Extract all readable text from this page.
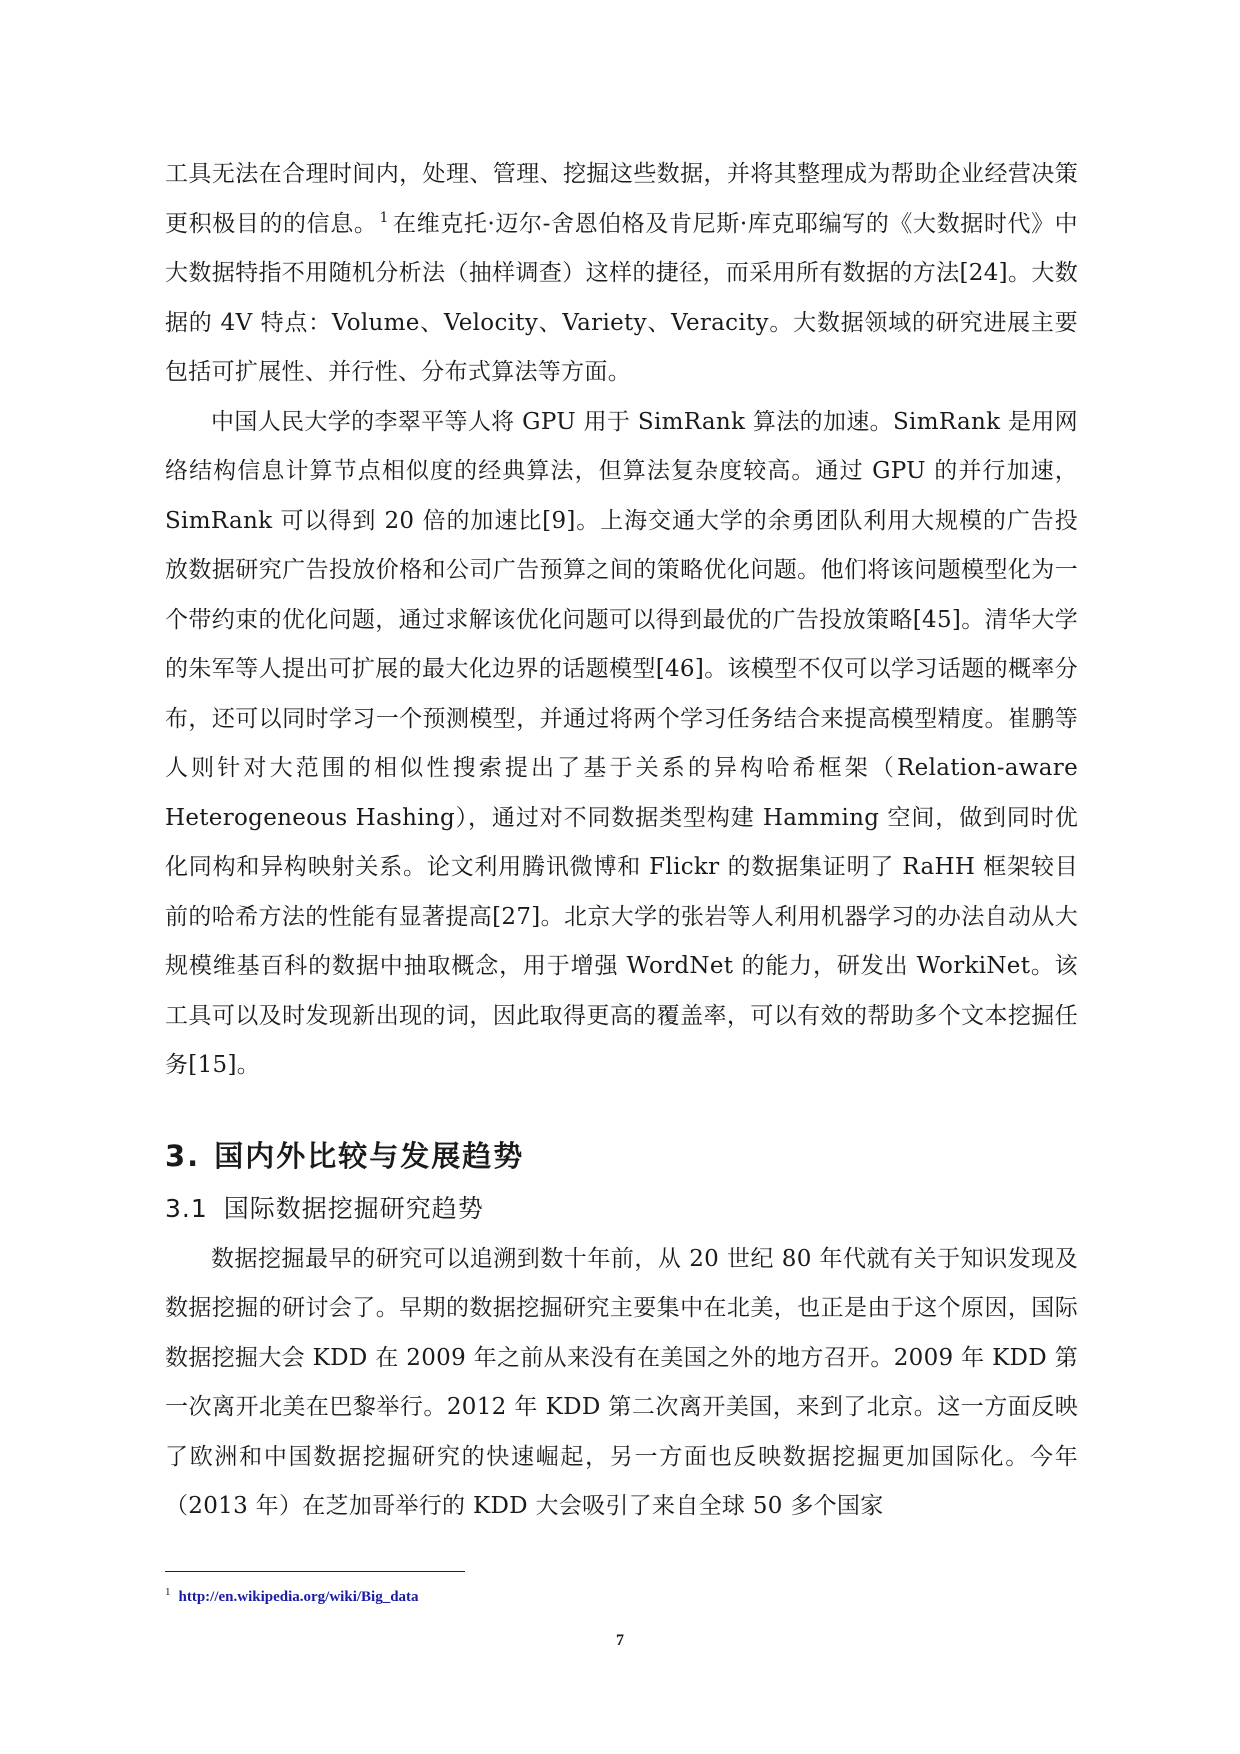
工具无法在合理时间内，处理、管理、挖掘这些数据，并将其整理成为帮助企业经营决策更积极目的的信息。 $^1$ 在维克托·迈尔-舍恩伯格及肯尼斯·库克耶编写的《大数据时代》中大数据特指不用随机分析法（抽样调查）这样的捷径，而采用所有数据的方法[24]。大数据的 4V 特点：Volume、Velocity、Variety、Veracity。大数据领域的研究进展主要包括可扩展性、并行性、分布式算法等方面。

中国人民大学的李翠平等人将 GPU 用于 SimRank 算法的加速。SimRank 是用网络结构信息计算节点相似度的经典算法，但算法复杂度较高。通过 GPU 的并行加速，SimRank 可以得到 20 倍的加速比[9]。上海交通大学的余勇团队利用大规模的广告投放数据研究广告投放价格和公司广告预算之间的策略优化问题。他们将该问题模型化为一个带约束的优化问题，通过求解该优化问题可以得到最优的广告投放策略[45]。清华大学的朱军等人提出可扩展的最大化边界的话题模型[46]。该模型不仅可以学习话题的概率分布，还可以同时学习一个预测模型，并通过将两个学习任务结合来提高模型精度。崔鹏等人则针对大范围的相似性搜索提出了基于关系的异构哈希框架（Relation-aware Heterogeneous Hashing），通过对不同数据类型构建 Hamming 空间，做到同时优化同构和异构映射关系。论文利用腾讯微博和 Flickr 的数据集证明了 RaHH 框架较目前的哈希方法的性能有显著提高[27]。北京大学的张岩等人利用机器学习的办法自动从大规模维基百科的数据中抽取概念，用于增强 WordNet 的能力，研发出 WorkiNet。该工具可以及时发现新出现的词，因此取得更高的覆盖率，可以有效的帮助多个文本挖掘任务[15]。

3. 国内外比较与发展趋势
3.1 国际数据挖掘研究趋势

数据挖掘最早的研究可以追溯到数十年前，从 20 世纪 80 年代就有关于知识发现及数据挖掘的研讨会了。早期的数据挖掘研究主要集中在北美，也正是由于这个原因，国际数据挖掘大会 KDD 在 2009 年之前从来没有在美国之外的地方召开。2009 年 KDD 第一次离开北美在巴黎举行。2012 年 KDD 第二次离开美国，来到了北京。这一方面反映了欧洲和中国数据挖掘研究的快速崛起，另一方面也反映数据挖掘更加国际化。今年（2013 年）在芝加哥举行的 KDD 大会吸引了来自全球 50 多个国家

$^1$ http://en.wikipedia.org/wiki/Big_data
7
